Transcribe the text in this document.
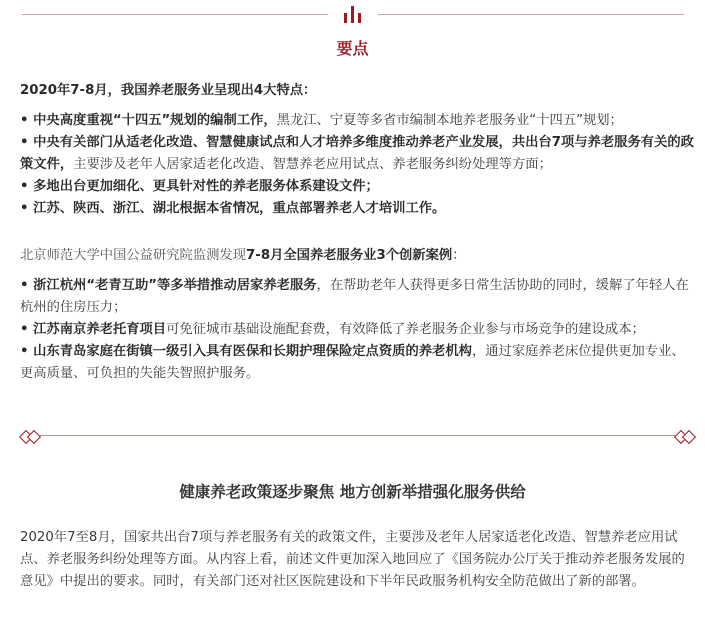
要点

2020年7-8月，我国养老服务业呈现出4大特点：

• 中央高度重视“十四五”规划的编制工作，黑龙江、宁夏等多省市编制本地养老服务业“十四五”规划；

• 中央有关部门从适老化改造、智慧健康试点和人才培养多维度推动养老产业发展，共出台7项与养老服务有关的政策文件，主要涉及老年人居家适老化改造、智慧养老应用试点、养老服务纠纷处理等方面；

• 多地出台更加细化、更具针对性的养老服务体系建设文件；

• 江苏、陕西、浙江、湖北根据本省情况，重点部署养老人才培训工作。

北京师范大学中国公益研究院监测发现7-8月全国养老服务业3个创新案例：

• 浙江杭州“老青互助”等多举措推动居家养老服务，在帮助老年人获得更多日常生活协助的同时，缓解了年轻人在杭州的住房压力；

• 江苏南京养老托育项目可免征城市基础设施配套费，有效降低了养老服务企业参与市场竞争的建设成本；

• 山东青岛家庭在街镇一级引入具有医保和长期护理保险定点资质的养老机构，通过家庭养老床位提供更加专业、更高质量、可负担的失能失智照护服务。

健康养老政策逐步聚焦 地方创新举措强化服务供给

2020年7至8月，国家共出台7项与养老服务有关的政策文件，主要涉及老年人居家适老化改造、智慧养老应用试点、养老服务纠纷处理等方面。从内容上看，前述文件更加深入地回应了《国务院办公厅关于推动养老服务发展的意见》中提出的要求。同时，有关部门还对社区医院建设和下半年民政服务机构安全防范做出了新的部署。
